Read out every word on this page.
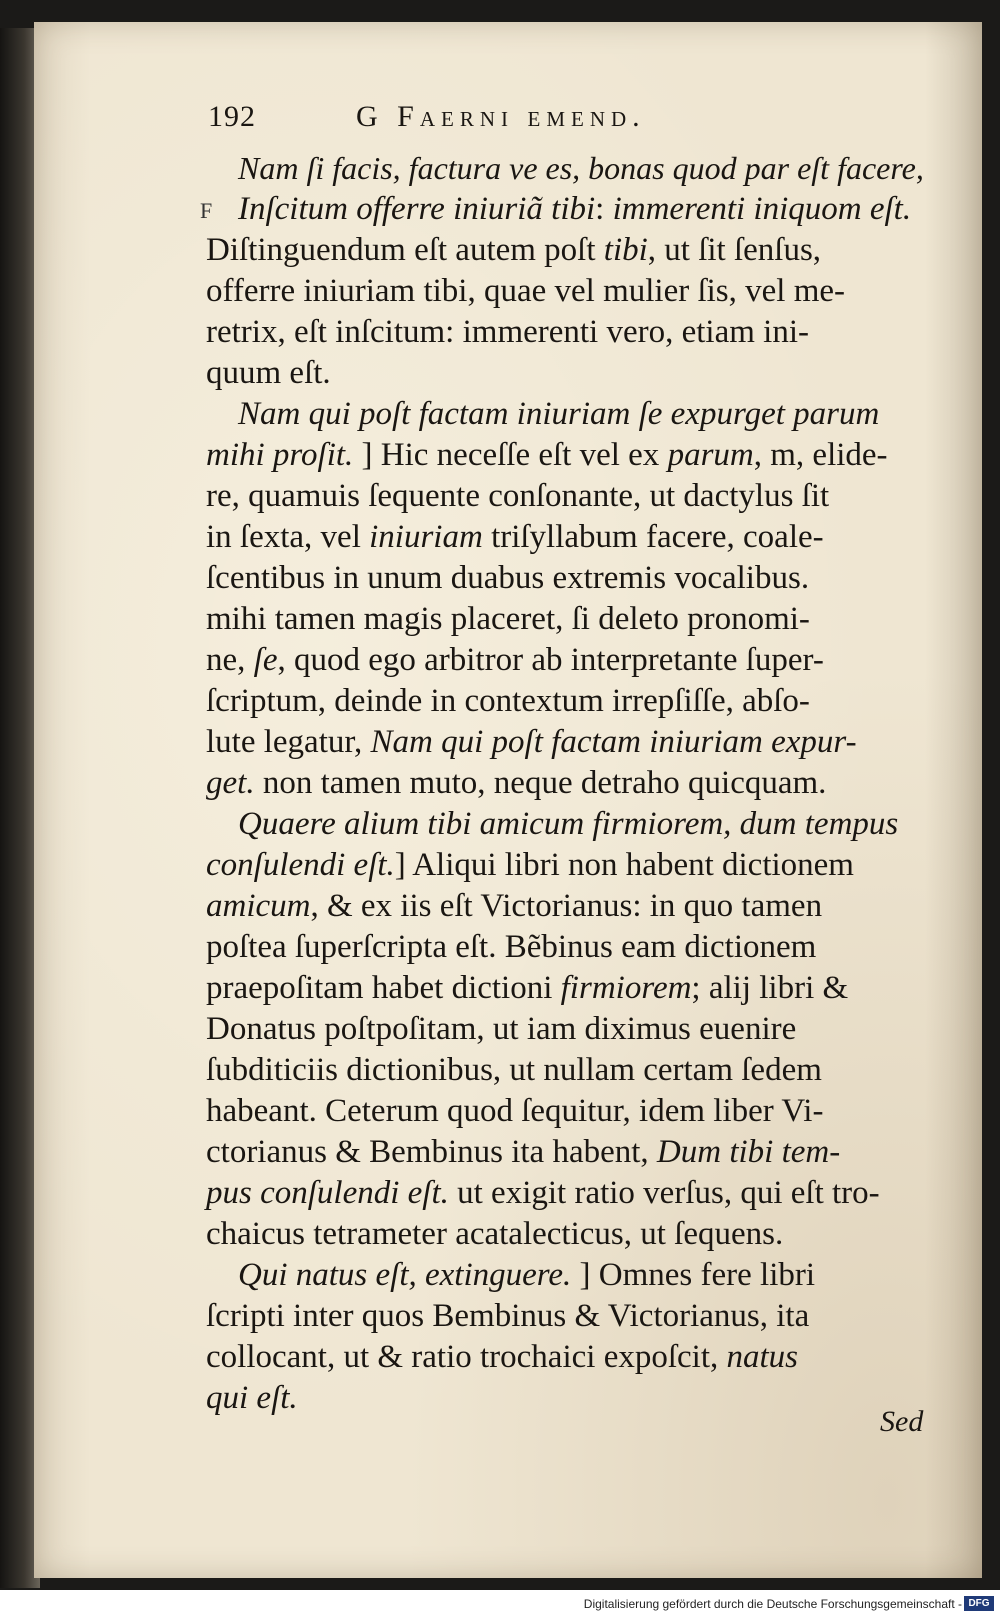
192	G Faerni emend.
F
Nam ſi facis, factura ve es, bonas quod par eſt facere,
Inſcitum offerre iniuriã tibi: immerenti iniquom eſt.
Diſtinguendum eſt autem poſt tibi, ut ſit ſenſus,
offerre iniuriam tibi, quae vel mulier ſis, vel me-
retrix, eſt inſcitum: immerenti vero, etiam ini-
quum eſt.
Nam qui poſt factam iniuriam ſe expurget parum
mihi proſit. ] Hic neceſſe eſt vel ex parum, m, elide-
re, quamuis ſequente conſonante, ut dactylus ſit
in ſexta, vel iniuriam triſyllabum facere, coale-
ſcentibus in unum duabus extremis vocalibus.
mihi tamen magis placeret, ſi deleto pronomi-
ne, ſe, quod ego arbitror ab interpretante ſuper-
ſcriptum, deinde in contextum irrepſiſſe, abſo-
lute legatur, Nam qui poſt factam iniuriam expur-
get. non tamen muto, neque detraho quicquam.
Quaere alium tibi amicum firmiorem, dum tempus
conſulendi eſt.] Aliqui libri non habent dictionem
amicum, & ex iis eſt Victorianus: in quo tamen
poſtea ſuperſcripta eſt. Bẽbinus eam dictionem
praepoſitam habet dictioni firmiorem; alij libri &
Donatus poſtpoſitam, ut iam diximus euenire
ſubditiciis dictionibus, ut nullam certam ſedem
habeant. Ceterum quod ſequitur, idem liber Vi-
ctorianus & Bembinus ita habent, Dum tibi tem-
pus conſulendi eſt. ut exigit ratio verſus, qui eſt tro-
chaicus tetrameter acatalecticus, ut ſequens.
Qui natus eſt, extinguere. ] Omnes fere libri
ſcripti inter quos Bembinus & Victorianus, ita
collocant, ut & ratio trochaici expoſcit, natus
qui eſt.
Sed
Digitalisierung gefördert durch die Deutsche Forschungsgemeinschaft - DFG
